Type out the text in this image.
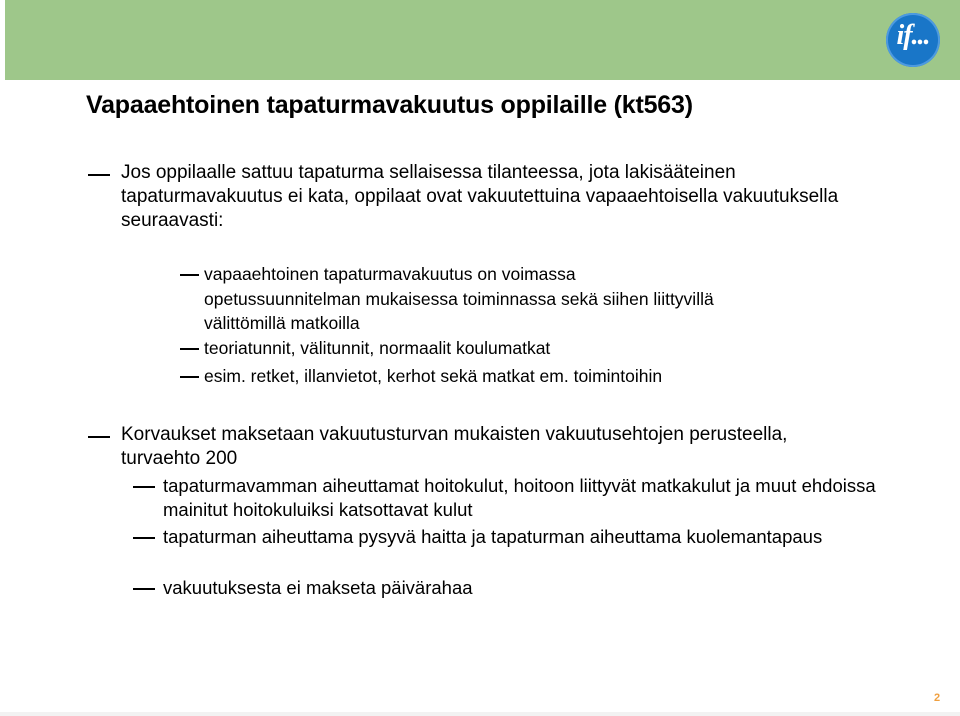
if...
Vapaaehtoinen tapaturmavakuutus oppilaille (kt563)
Jos oppilaalle sattuu tapaturma sellaisessa tilanteessa, jota lakisääteinen tapaturmavakuutus ei kata, oppilaat ovat vakuutettuina vapaaehtoisella vakuutuksella seuraavasti:
vapaaehtoinen tapaturmavakuutus on voimassa opetussuunnitelman mukaisessa toiminnassa sekä siihen liittyvillä välittömillä matkoilla
teoriatunnit, välitunnit, normaalit koulumatkat
esim. retket, illanvietot, kerhot sekä matkat em. toimintoihin
Korvaukset maksetaan vakuutusturvan mukaisten vakuutusehtojen perusteella, turvaehto 200
tapaturmavamman aiheuttamat hoitokulut, hoitoon liittyvät matkakulut ja muut ehdoissa mainitut hoitokuluiksi katsottavat kulut
tapaturman aiheuttama pysyvä haitta ja tapaturman aiheuttama kuolemantapaus
vakuutuksesta ei makseta päivärahaa
2
